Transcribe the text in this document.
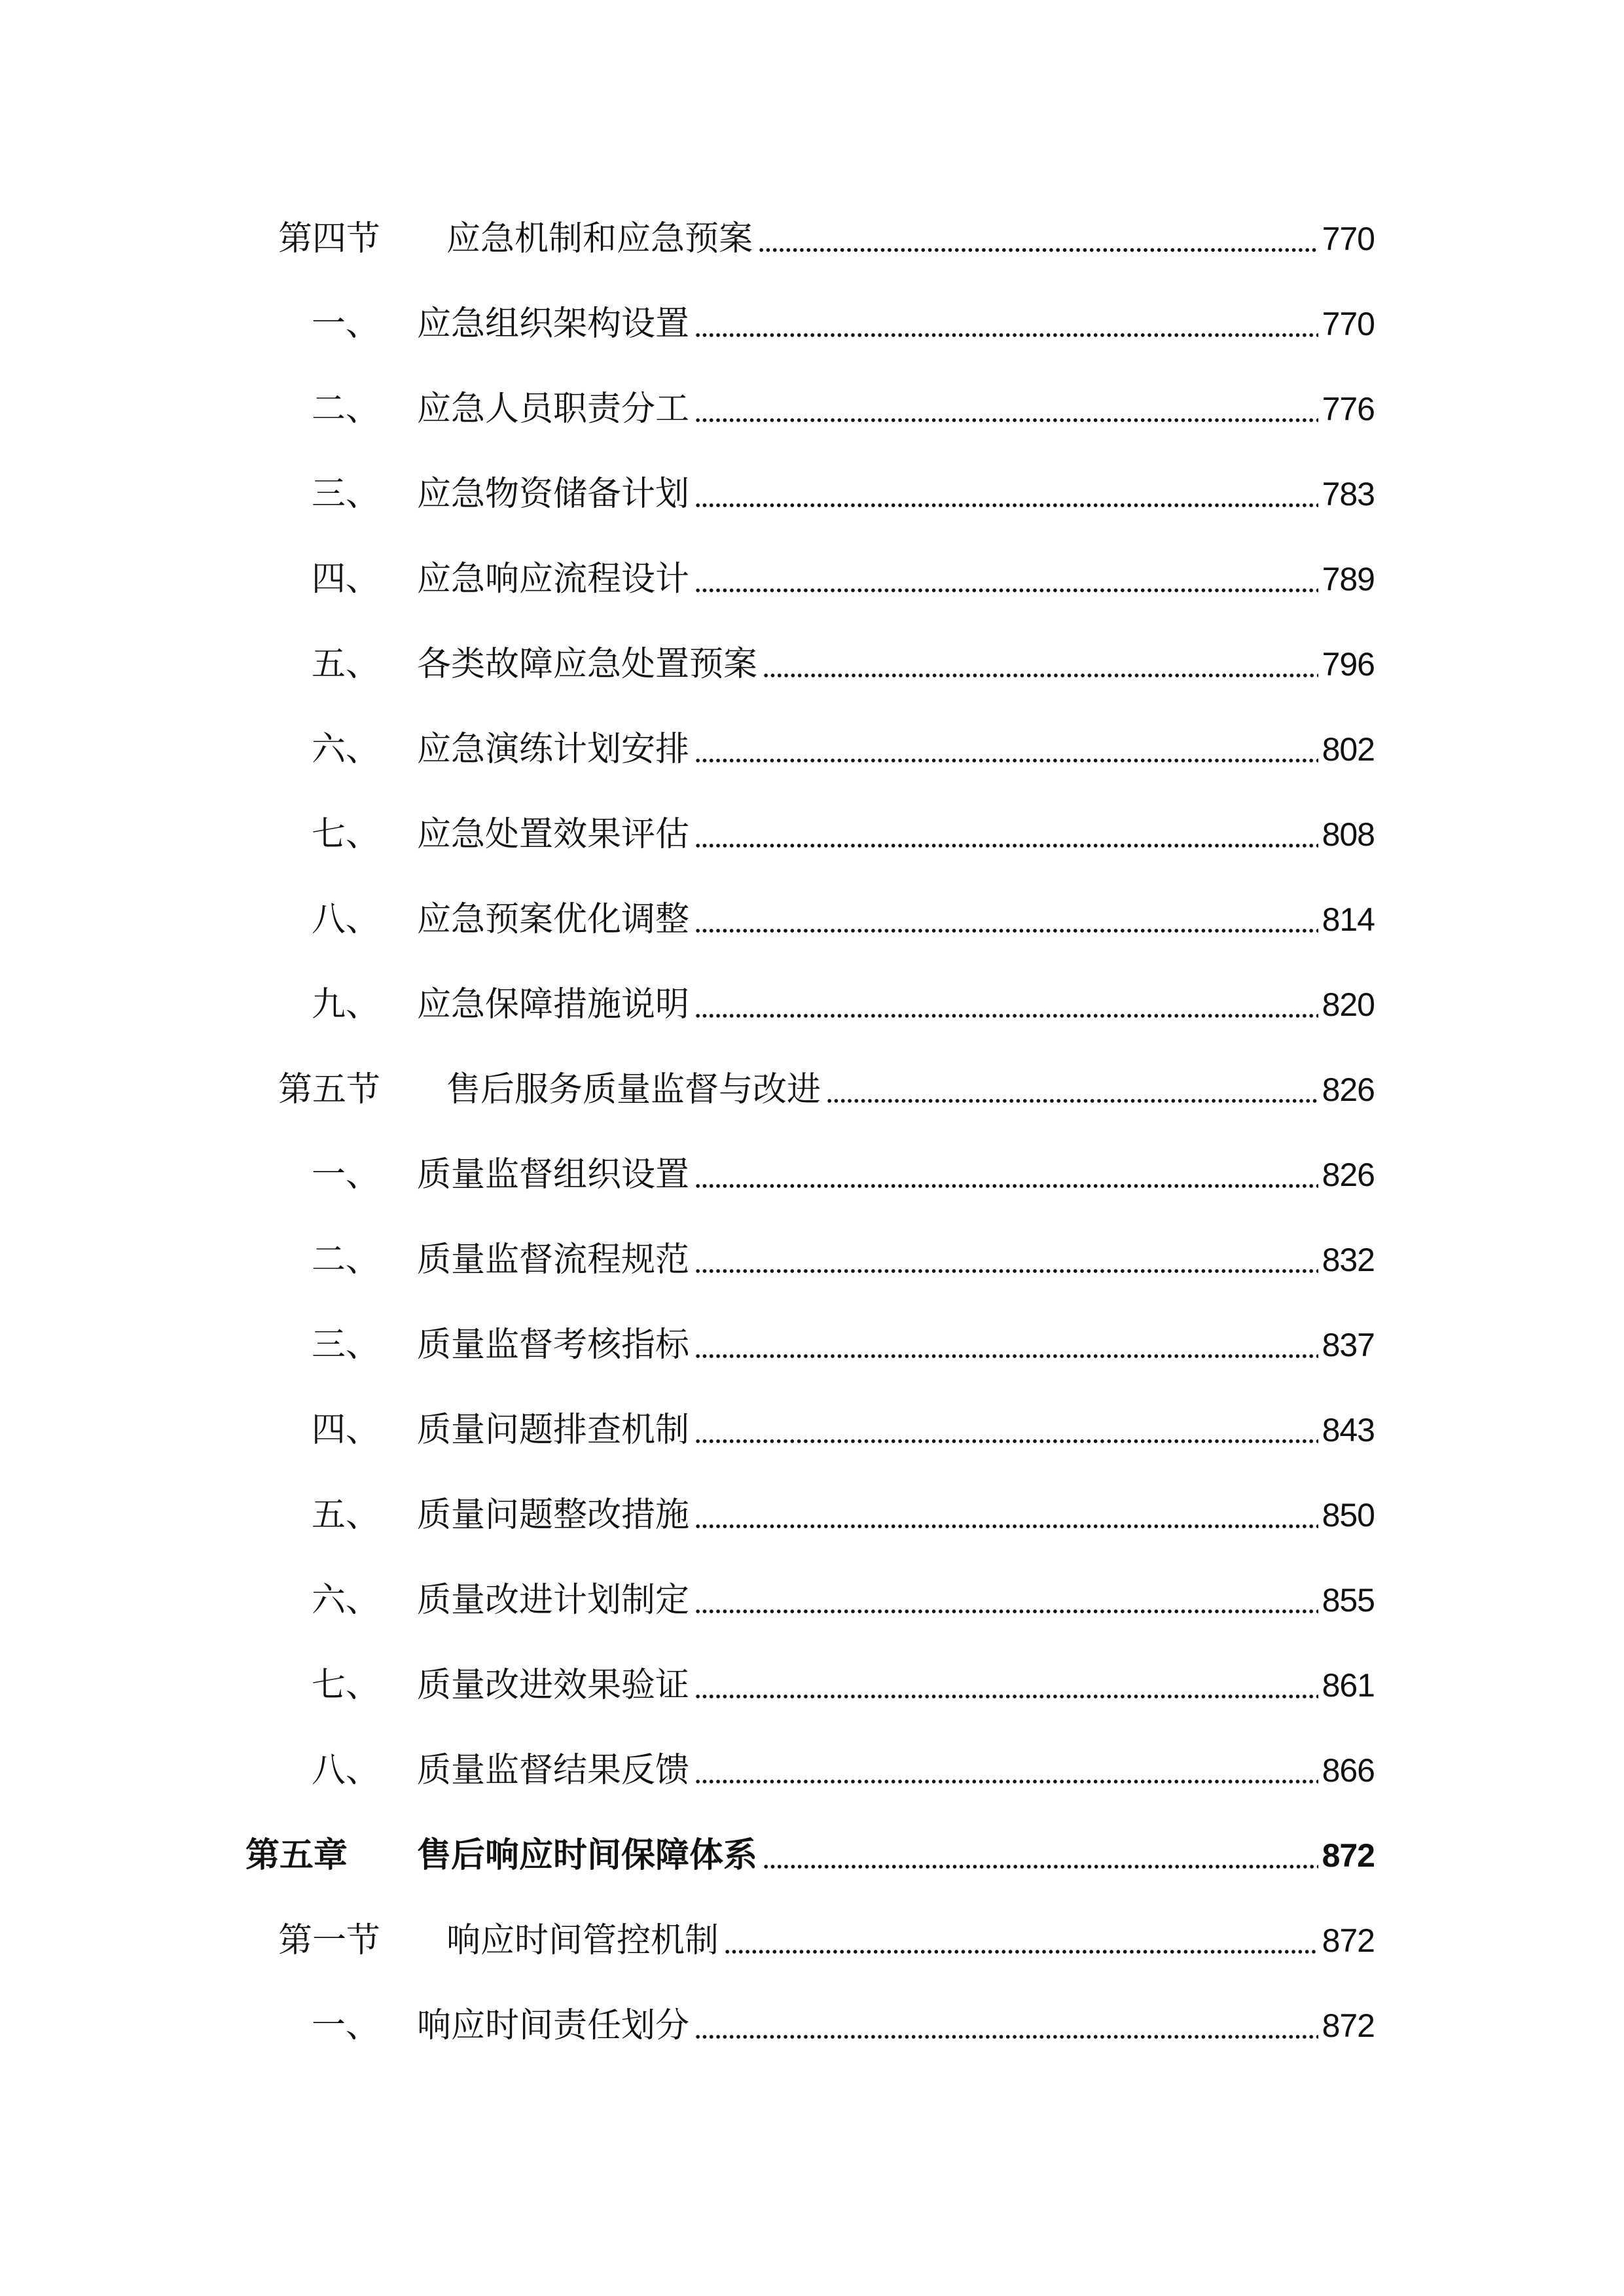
第四节 应急机制和应急预案	770
一、 应急组织架构设置	770
二、 应急人员职责分工	776
三、 应急物资储备计划	783
四、 应急响应流程设计	789
五、 各类故障应急处置预案	796
六、 应急演练计划安排	802
七、 应急处置效果评估	808
八、 应急预案优化调整	814
九、 应急保障措施说明	820
第五节 售后服务质量监督与改进	826
一、 质量监督组织设置	826
二、 质量监督流程规范	832
三、 质量监督考核指标	837
四、 质量问题排查机制	843
五、 质量问题整改措施	850
六、 质量改进计划制定	855
七、 质量改进效果验证	861
八、 质量监督结果反馈	866
第五章 售后响应时间保障体系	872
第一节 响应时间管控机制	872
一、 响应时间责任划分	872
